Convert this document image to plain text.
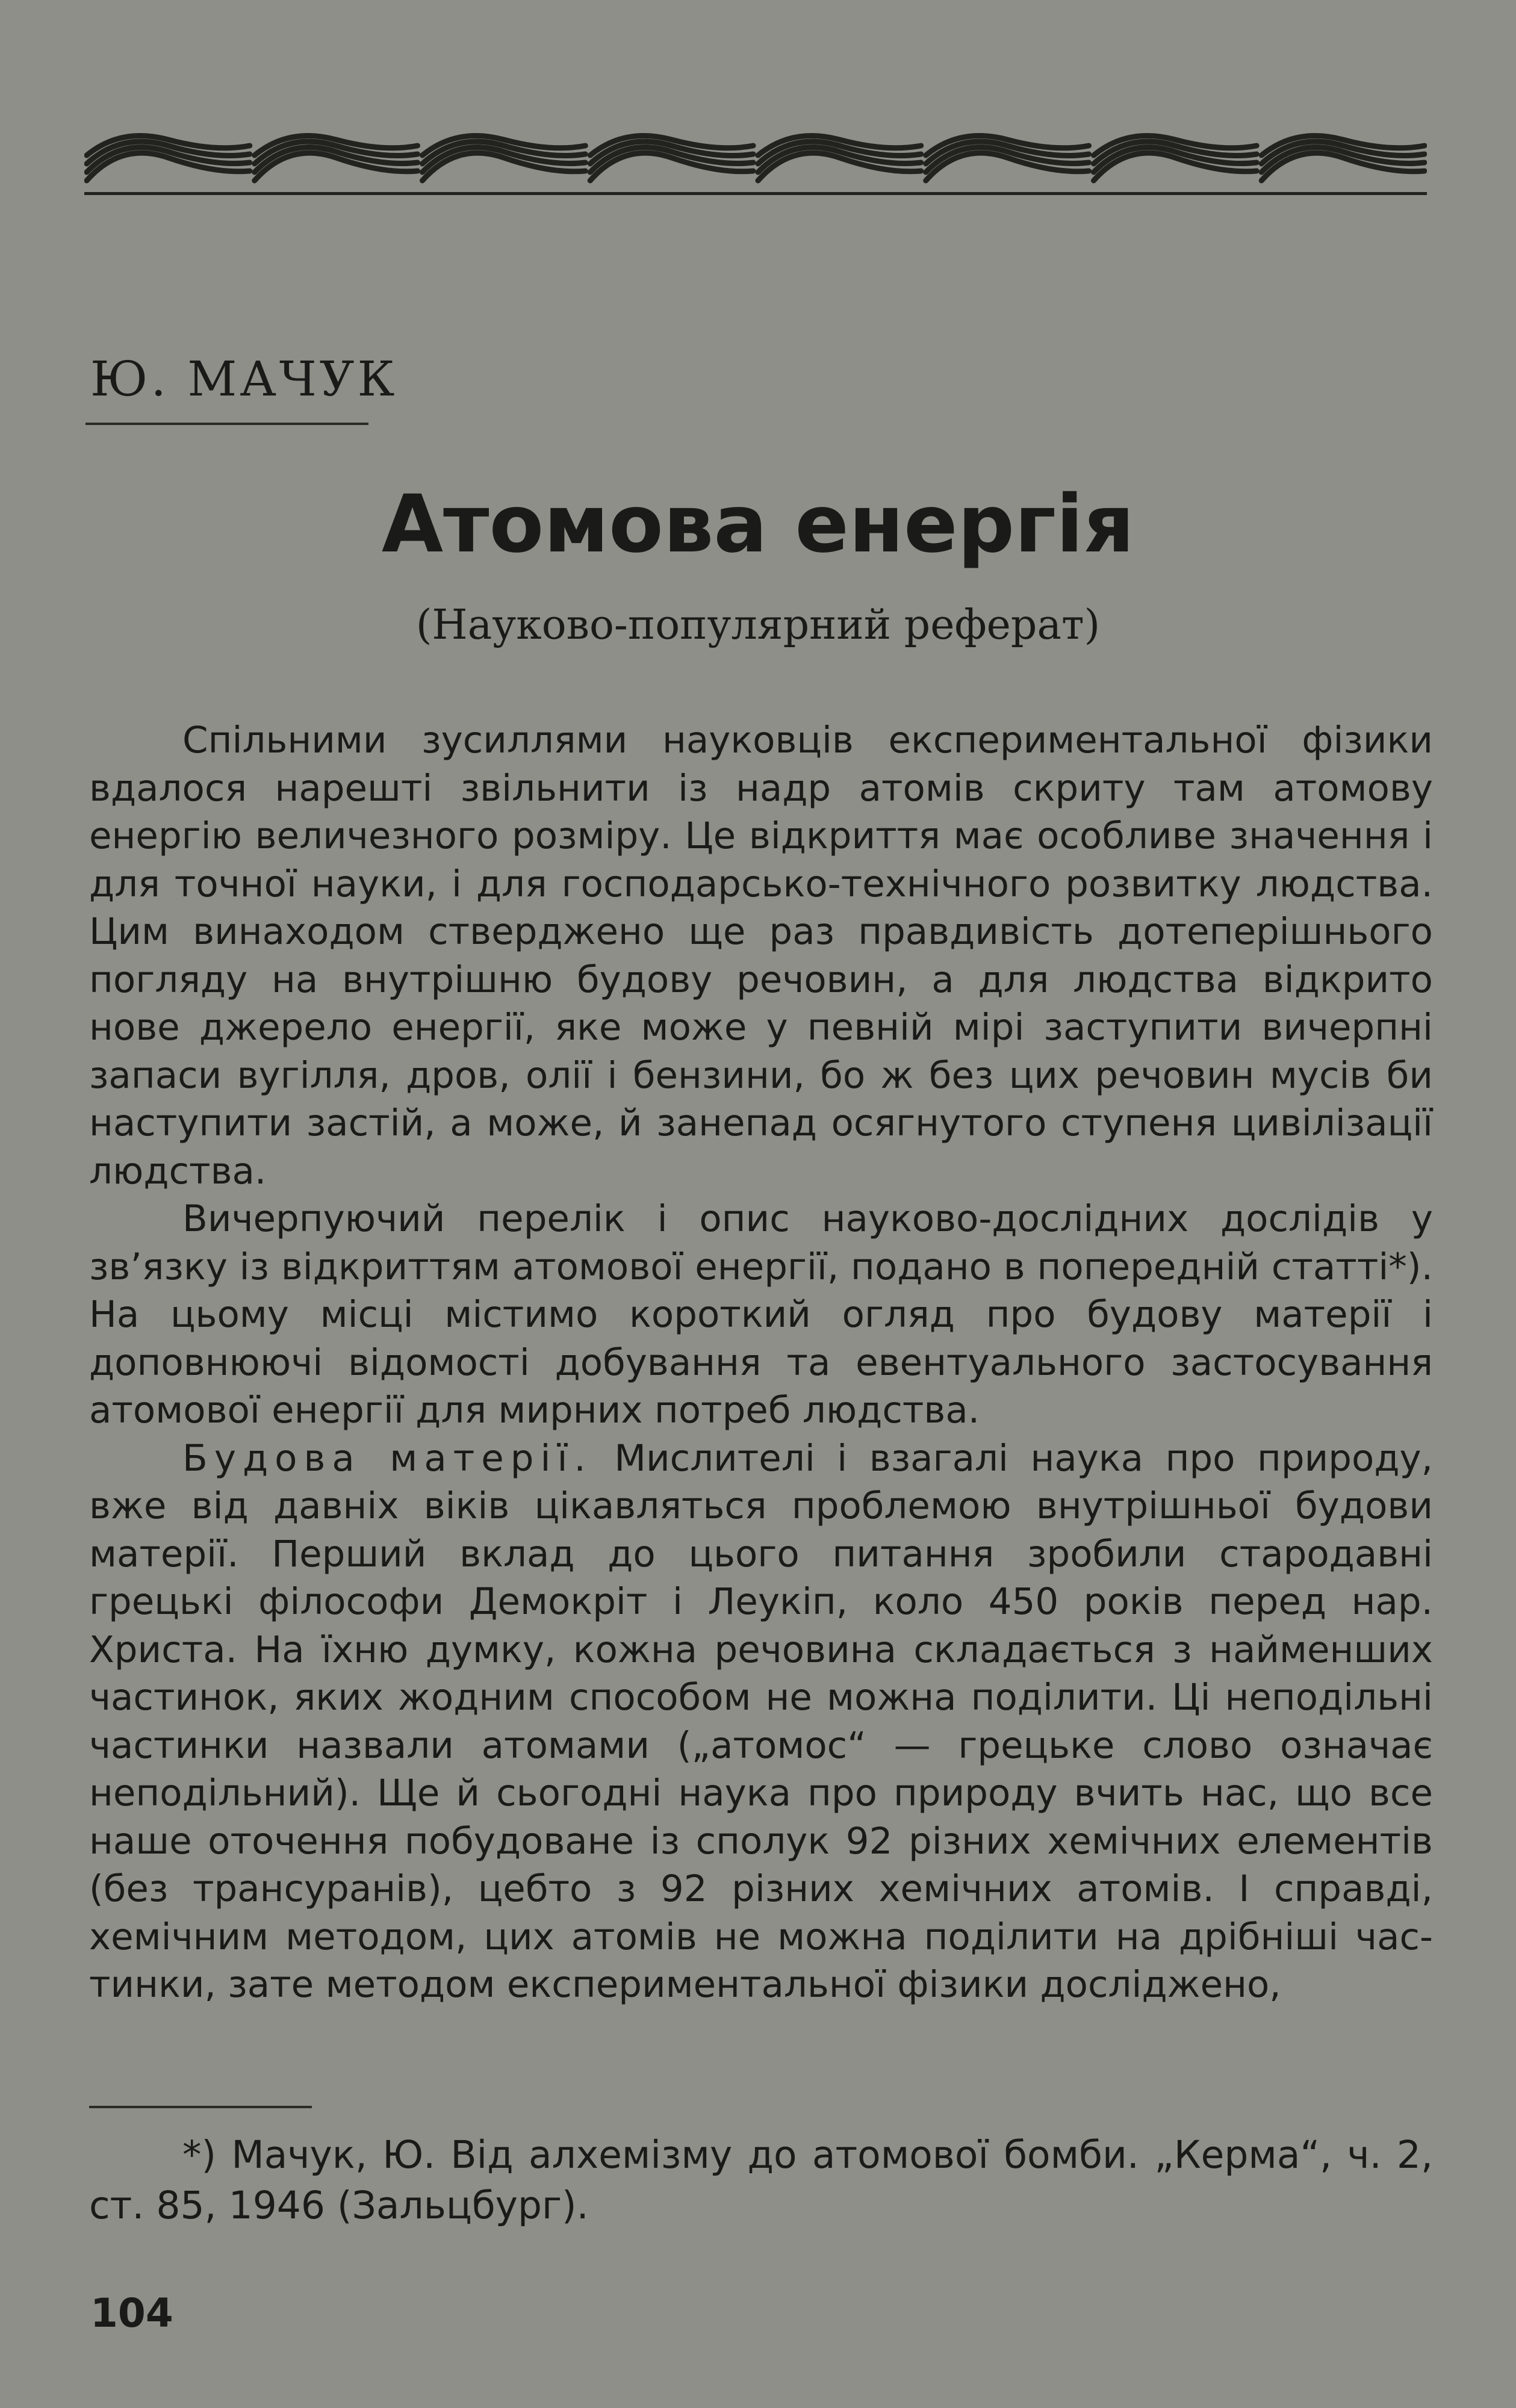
Ю. МАЧУК

Атомова енергія

(Науково-популярний реферат)

Спільними зусиллями науковців експериментальної фізики вдалося нарешті звільнити із надр атомів скриту там атомову енергію величезного розміру. Це відкриття має особливе значення і для точної науки, і для господарсько-технічного розвитку людства. Цим винаходом стверджено ще раз правдивість дотеперішнього погляду на внутрішню будову речовин, а для людства відкрито нове джерело енергії, яке може у певній мірі заступити вичерпні запаси вугілля, дров, олії і бензини, бо ж без цих речовин мусів би наступити застій, а може, й занепад осягнутого ступеня цивілізації людства.

Вичерпуючий перелік і опис науково-дослідних дослідів у зв’язку із відкриттям атомової енергії, подано в попередній статті*). На цьому місці містимо короткий огляд про будову матерії і доповнюючі відомості добування та евентуального застосування атомової енергії для мирних потреб людства.

Будова матерії. Мислителі і взагалі наука про природу, вже від давніх віків цікавляться проблемою внутрішньої будови матерії. Перший вклад до цього питання зробили стародавні грецькі філософи Демокріт і Леукіп, коло 450 років перед нар. Христа. На їхню думку, кожна речовина складається з найменших частинок, яких жодним способом не можна поділити. Ці неподільні частинки назвали атомами („атомос“ — грецьке слово означає неподільний). Ще й сьогодні наука про природу вчить нас, що все наше оточення побудоване із сполук 92 різних хемічних елементів (без трансуранів), цебто з 92 різних хемічних атомів. І справді, хемічним методом, цих атомів не можна поділити на дрібніші частинки, зате методом експериментальної фізики досліджено,

*) Мачук, Ю. Від алхемізму до атомової бомби. „Керма“, ч. 2, ст. 85, 1946 (Зальцбург).

104
